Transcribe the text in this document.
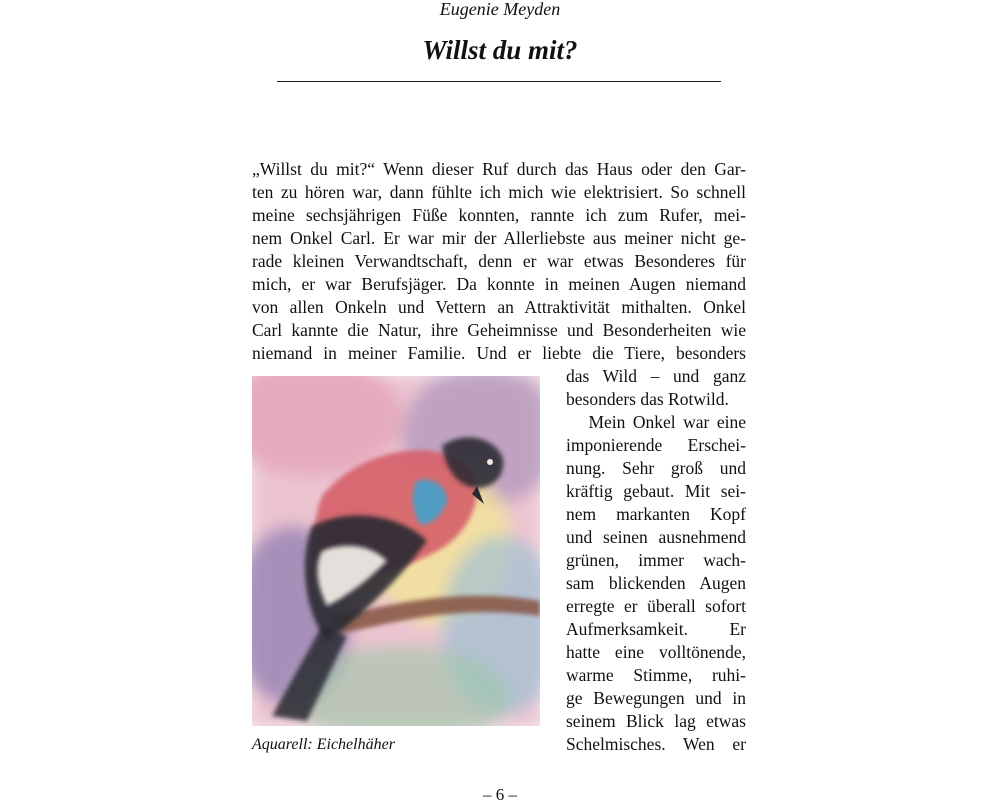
Eugenie Meyden
Willst du mit?
„Willst du mit?“ Wenn dieser Ruf durch das Haus oder den Gar-
ten zu hören war, dann fühlte ich mich wie elektrisiert. So schnell
meine sechsjährigen Füße konnten, rannte ich zum Rufer, mei-
nem Onkel Carl. Er war mir der Allerliebste aus meiner nicht ge-
rade kleinen Verwandtschaft, denn er war etwas Besonderes für
mich, er war Berufsjäger. Da konnte in meinen Augen niemand
von allen Onkeln und Vettern an Attraktivität mithalten. Onkel
Carl kannte die Natur, ihre Geheimnisse und Besonderheiten wie
niemand in meiner Familie. Und er liebte die Tiere, besonders
das Wild – und ganz
besonders das Rotwild.
Mein Onkel war eine
imponierende Erschei-
nung. Sehr groß und
kräftig gebaut. Mit sei-
nem markanten Kopf
und seinen ausnehmend
grünen, immer wach-
sam blickenden Augen
erregte er überall sofort
Aufmerksamkeit. Er
hatte eine volltönende,
warme Stimme, ruhi-
ge Bewegungen und in
seinem Blick lag etwas
Schelmisches. Wen er
Aquarell: Eichelhäher
– 6 –
